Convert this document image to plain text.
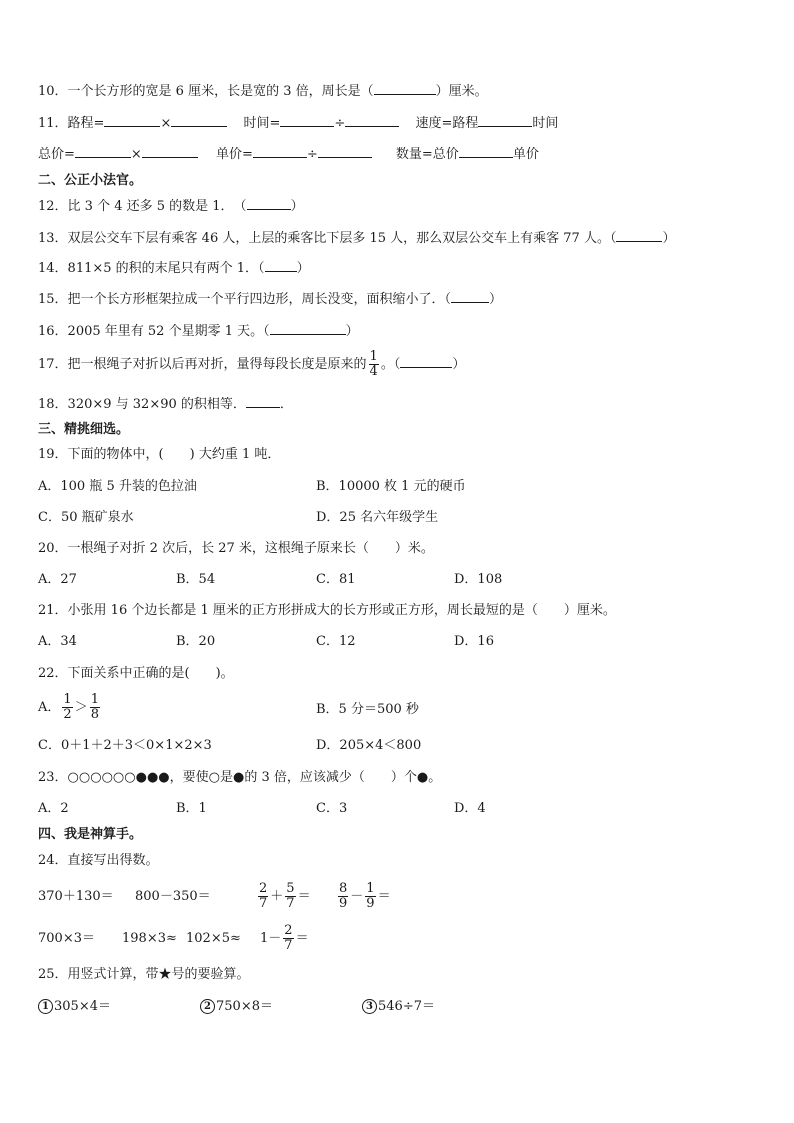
10．一个长方形的宽是 6 厘米，长是宽的 3 倍，周长是（	）厘米。
11．路程=	×	时间=	÷	速度=路程	时间
总价=	×	单价=	÷	数量=总价	单价
二、公正小法官。
12．比 3 个 4 还多 5 的数是 1．　（	）
13．双层公交车下层有乘客 46 人，上层的乘客比下层多 15 人，那么双层公交车上有乘客 77 人。（	）
14．811×5 的积的末尾只有两个 1．（ ）
15．把一个长方形框架拉成一个平行四边形，周长没变，面积缩小了．（	）
16．2005 年里有 52 个星期零 1 天。（	）
17．把一根绳子对折以后再对折，量得每段长度是原来的 $\frac{1}{4}$ 。（	）
18．320×9 与 32×90 的积相等．	．
三、精挑细选。
19．下面的物体中，(　　) 大约重 1 吨．
A．100 瓶 5 升装的色拉油	B．10000 枚 1 元的硬币
C．50 瓶矿泉水	D．25 名六年级学生
20．一根绳子对折 2 次后，长 27 米，这根绳子原来长（　　）米。
A．27	B．54	C．81	D．108
21．小张用 16 个边长都是 1 厘米的正方形拼成大的长方形或正方形，周长最短的是（　　）厘米。
A．34	B．20	C．12	D．16
22．下面关系中正确的是(　　)。
A． $\frac{1}{2} > \frac{1}{8}$	B．5 分＝500 秒
C．0＋1＋2＋3＜0×1×2×3	D．205×4＜800
23．○○○○○○●●●，要使○是●的 3 倍，应该减少（　　）个●。
A．2	B．1	C．3	D．4
四、我是神算手。
24．直接写出得数。
370＋130＝ 800－350＝	$\frac{2}{7} + \frac{5}{7} = \frac{8}{9} - \frac{1}{9}$ ＝
$700\times 3= 198\times 3\approx 102\times 5\approx 1- \frac{2}{7}$ ＝
25．用竖式计算，带★号的要验算。
1 305×4＝	2 750×8＝	3 546÷7＝
